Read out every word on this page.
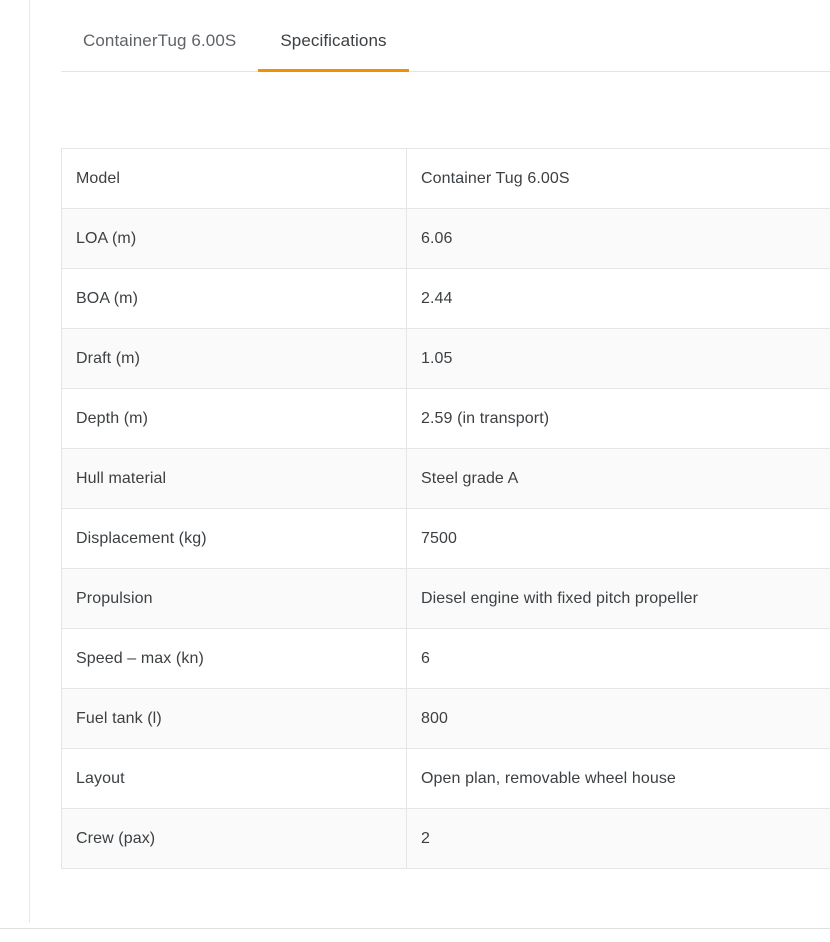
ContainerTug 6.00S	Specifications
Model	Container Tug 6.00S
LOA (m)	6.06
BOA (m)	2.44
Draft (m)	1.05
Depth (m)	2.59 (in transport)
Hull material	Steel grade A
Displacement (kg)	7500
Propulsion	Diesel engine with fixed pitch propeller
Speed – max (kn)	6
Fuel tank (l)	800
Layout	Open plan, removable wheel house
Crew (pax)	2
